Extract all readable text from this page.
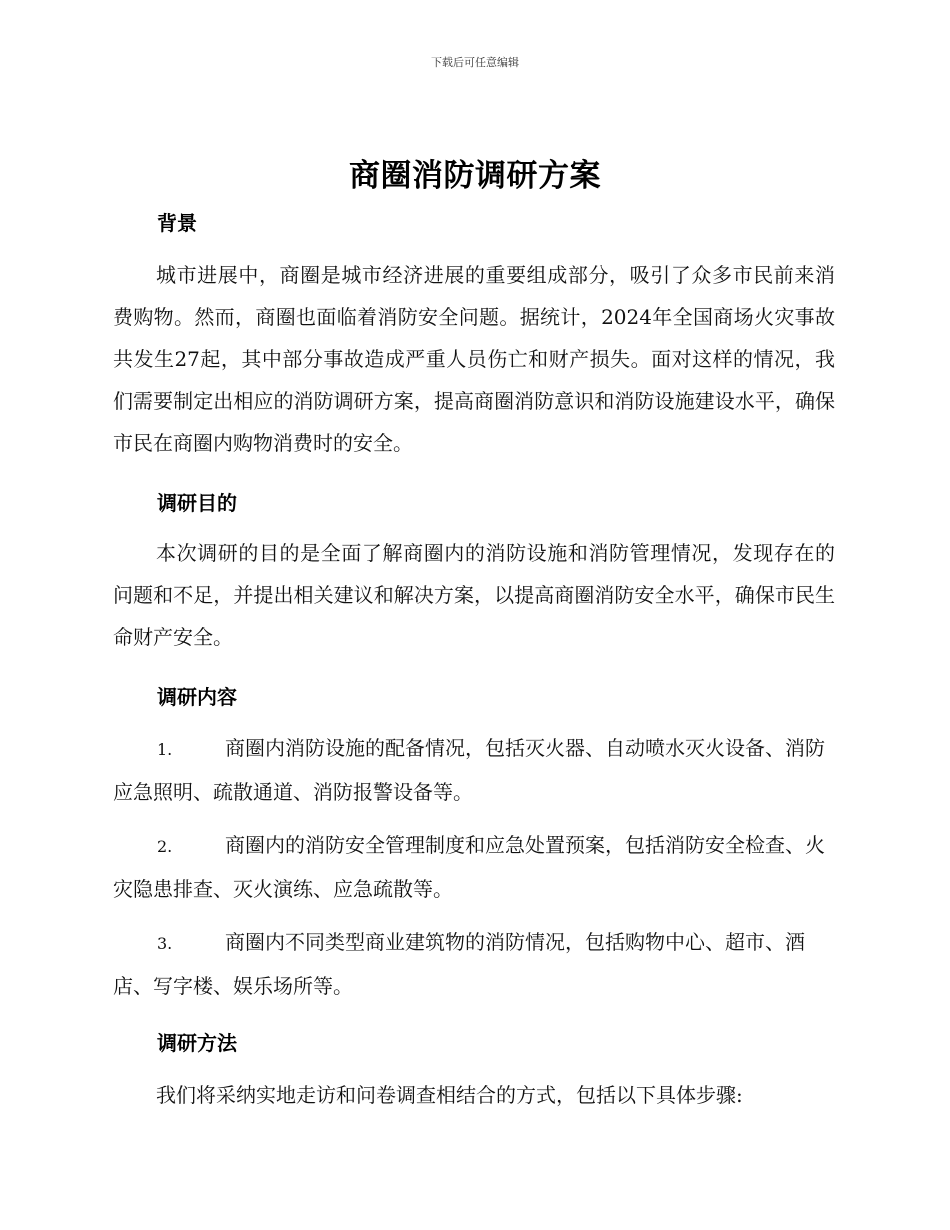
下载后可任意编辑
商圈消防调研方案
背景

城市进展中，商圈是城市经济进展的重要组成部分，吸引了众多市民前来消费购物。然而，商圈也面临着消防安全问题。据统计，2024年全国商场火灾事故共发生27起，其中部分事故造成严重人员伤亡和财产损失。面对这样的情况，我们需要制定出相应的消防调研方案，提高商圈消防意识和消防设施建设水平，确保市民在商圈内购物消费时的安全。

调研目的

本次调研的目的是全面了解商圈内的消防设施和消防管理情况，发现存在的问题和不足，并提出相关建议和解决方案，以提高商圈消防安全水平，确保市民生命财产安全。

调研内容

1.	商圈内消防设施的配备情况，包括灭火器、自动喷水灭火设备、消防应急照明、疏散通道、消防报警设备等。

2.	商圈内的消防安全管理制度和应急处置预案，包括消防安全检查、火灾隐患排查、灭火演练、应急疏散等。

3.	商圈内不同类型商业建筑物的消防情况，包括购物中心、超市、酒店、写字楼、娱乐场所等。

调研方法

我们将采纳实地走访和问卷调查相结合的方式，包括以下具体步骤:
